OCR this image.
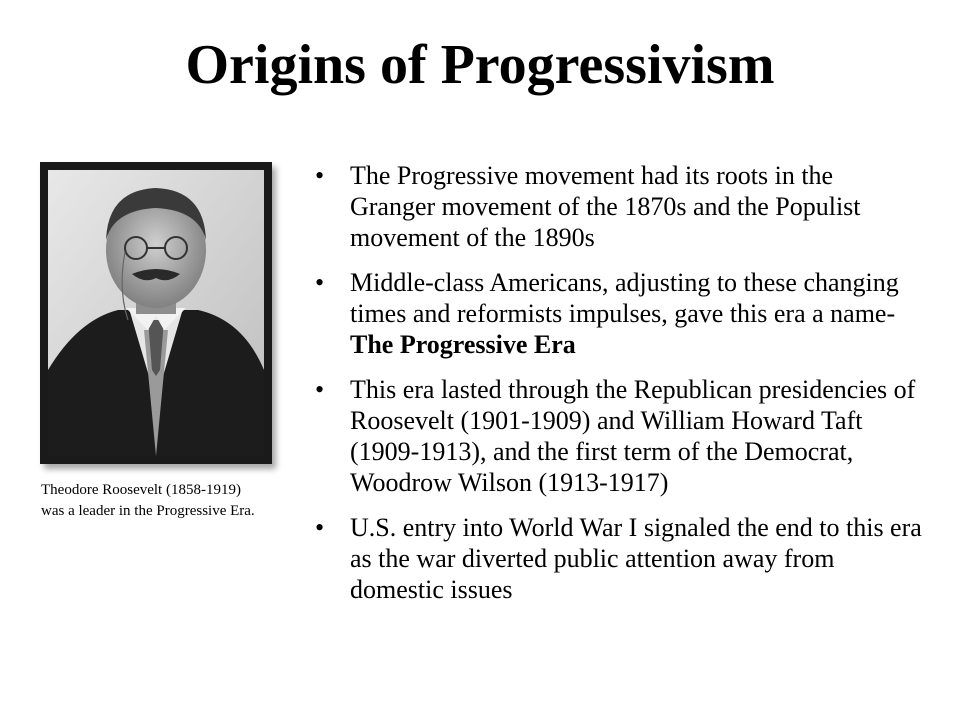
Origins of Progressivism

Theodore Roosevelt (1858-1919) was a leader in the Progressive Era.

• The Progressive movement had its roots in the Granger movement of the 1870s and the Populist movement of the 1890s
• Middle-class Americans, adjusting to these changing times and reformists impulses, gave this era a name- The Progressive Era
• This era lasted through the Republican presidencies of Roosevelt (1901-1909) and William Howard Taft (1909-1913), and the first term of the Democrat, Woodrow Wilson (1913-1917)
• U.S. entry into World War I signaled the end to this era as the war diverted public attention away from domestic issues
